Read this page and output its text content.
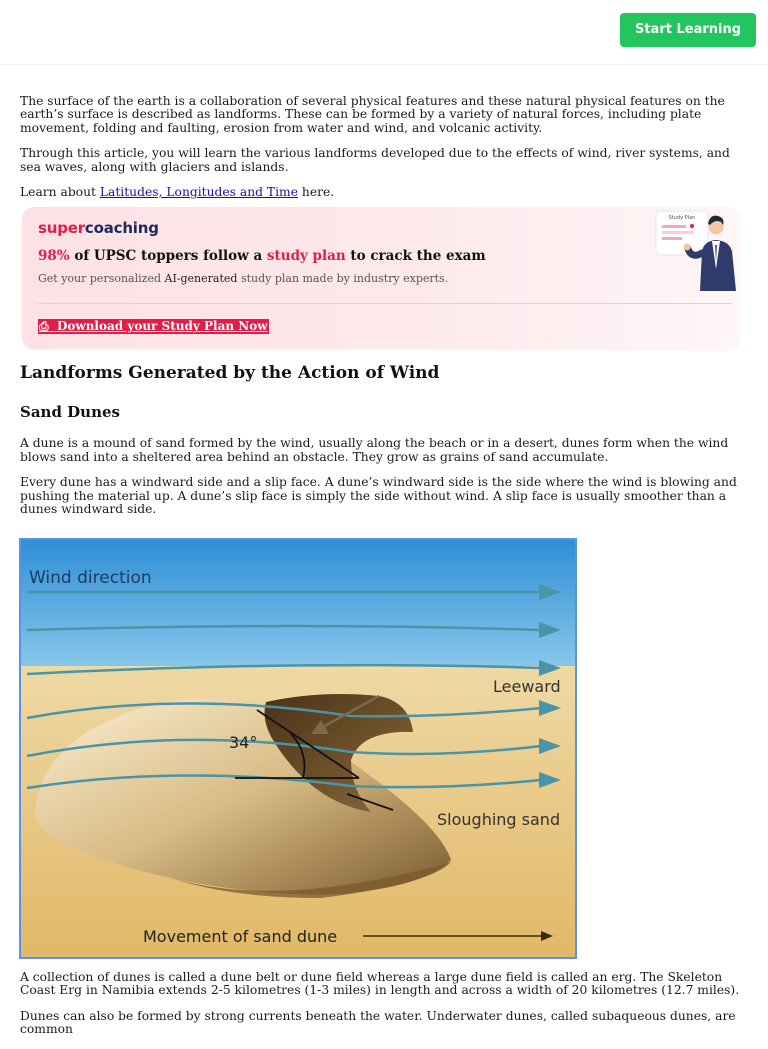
Start Learning

The surface of the earth is a collaboration of several physical features and these natural physical features on the earth’s surface is described as landforms. These can be formed by a variety of natural forces, including plate movement, folding and faulting, erosion from water and wind, and volcanic activity.

Through this article, you will learn the various landforms developed due to the effects of wind, river systems, and sea waves, along with glaciers and islands.

Learn about Latitudes, Longitudes and Time here.

supercoaching
98% of UPSC toppers follow a study plan to crack the exam
Get your personalized AI-generated study plan made by industry experts.
⎙ Download your Study Plan Now
Study Plan
Landforms Generated by the Action of Wind
Sand Dunes

A dune is a mound of sand formed by the wind, usually along the beach or in a desert, dunes form when the wind blows sand into a sheltered area behind an obstacle. They grow as grains of sand accumulate.

Every dune has a windward side and a slip face. A dune’s windward side is the side where the wind is blowing and pushing the material up. A dune’s slip face is simply the side without wind. A slip face is usually smoother than a dunes windward side.

Wind direction
Leeward
34°
Sloughing sand
Movement of sand dune

A collection of dunes is called a dune belt or dune field whereas a large dune field is called an erg. The Skeleton Coast Erg in Namibia extends 2-5 kilometres (1-3 miles) in length and across a width of 20 kilometres (12.7 miles).

Dunes can also be formed by strong currents beneath the water. Underwater dunes, called subaqueous dunes, are common
